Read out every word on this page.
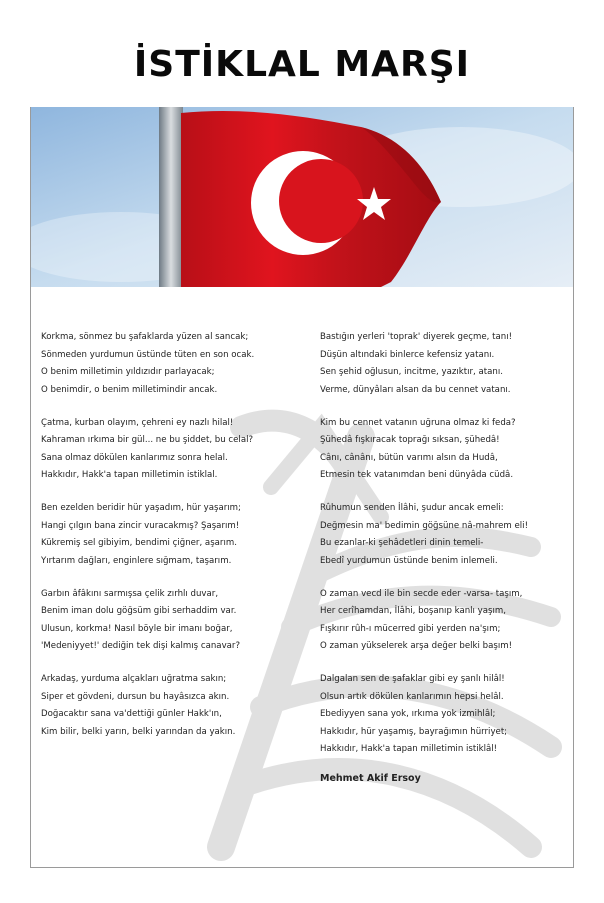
İSTİKLAL MARŞI
Korkma, sönmez bu şafaklarda yüzen al sancak;
Sönmeden yurdumun üstünde tüten en son ocak.
O benim milletimin yıldızıdır parlayacak;
O benimdir, o benim milletimindir ancak.
Çatma, kurban olayım, çehreni ey nazlı hilal!
Kahraman ırkıma bir gül... ne bu şiddet, bu celal?
Sana olmaz dökülen kanlarımız sonra helal.
Hakkıdır, Hakk'a tapan milletimin istiklal.
Ben ezelden beridir hür yaşadım, hür yaşarım;
Hangi çılgın bana zincir vuracakmış? Şaşarım!
Kükremiş sel gibiyim, bendimi çiğner, aşarım.
Yırtarım dağları, enginlere sığmam, taşarım.
Garbın âfâkını sarmışsa çelik zırhlı duvar,
Benim iman dolu göğsüm gibi serhaddim var.
Ulusun, korkma! Nasıl böyle bir imanı boğar,
'Medeniyyet!' dediğin tek dişi kalmış canavar?
Arkadaş, yurduma alçakları uğratma sakın;
Siper et gövdeni, dursun bu hayâsızca akın.
Doğacaktır sana va'dettiği günler Hakk'ın,
Kim bilir, belki yarın, belki yarından da yakın.
Bastığın yerleri 'toprak' diyerek geçme, tanı!
Düşün altındaki binlerce kefensiz yatanı.
Sen şehid oğlusun, incitme, yazıktır, atanı.
Verme, dünyâları alsan da bu cennet vatanı.
Kim bu cennet vatanın uğruna olmaz ki feda?
Şühedâ fışkıracak toprağı sıksan, şühedâ!
Cânı, cânânı, bütün varımı alsın da Hudâ,
Etmesin tek vatanımdan beni dünyâda cüdâ.
Rûhumun senden İlâhi, şudur ancak emeli:
Değmesin ma' bedimin göğsüne nâ-mahrem eli!
Bu ezanlar-ki şehâdetleri dinin temeli-
Ebedî yurdumun üstünde benim inlemeli.
O zaman vecd ile bin secde eder -varsa- taşım,
Her cerîhamdan, İlâhi, boşanıp kanlı yaşım,
Fışkırır rûh-ı mücerred gibi yerden na'şım;
O zaman yükselerek arşa değer belki başım!
Dalgalan sen de şafaklar gibi ey şanlı hilâl!
Olsun artık dökülen kanlarımın hepsi helâl.
Ebediyyen sana yok, ırkıma yok izmihlâl;
Hakkıdır, hür yaşamış, bayrağımın hürriyet;
Hakkıdır, Hakk'a tapan milletimin istiklâl!
Mehmet Akif Ersoy
